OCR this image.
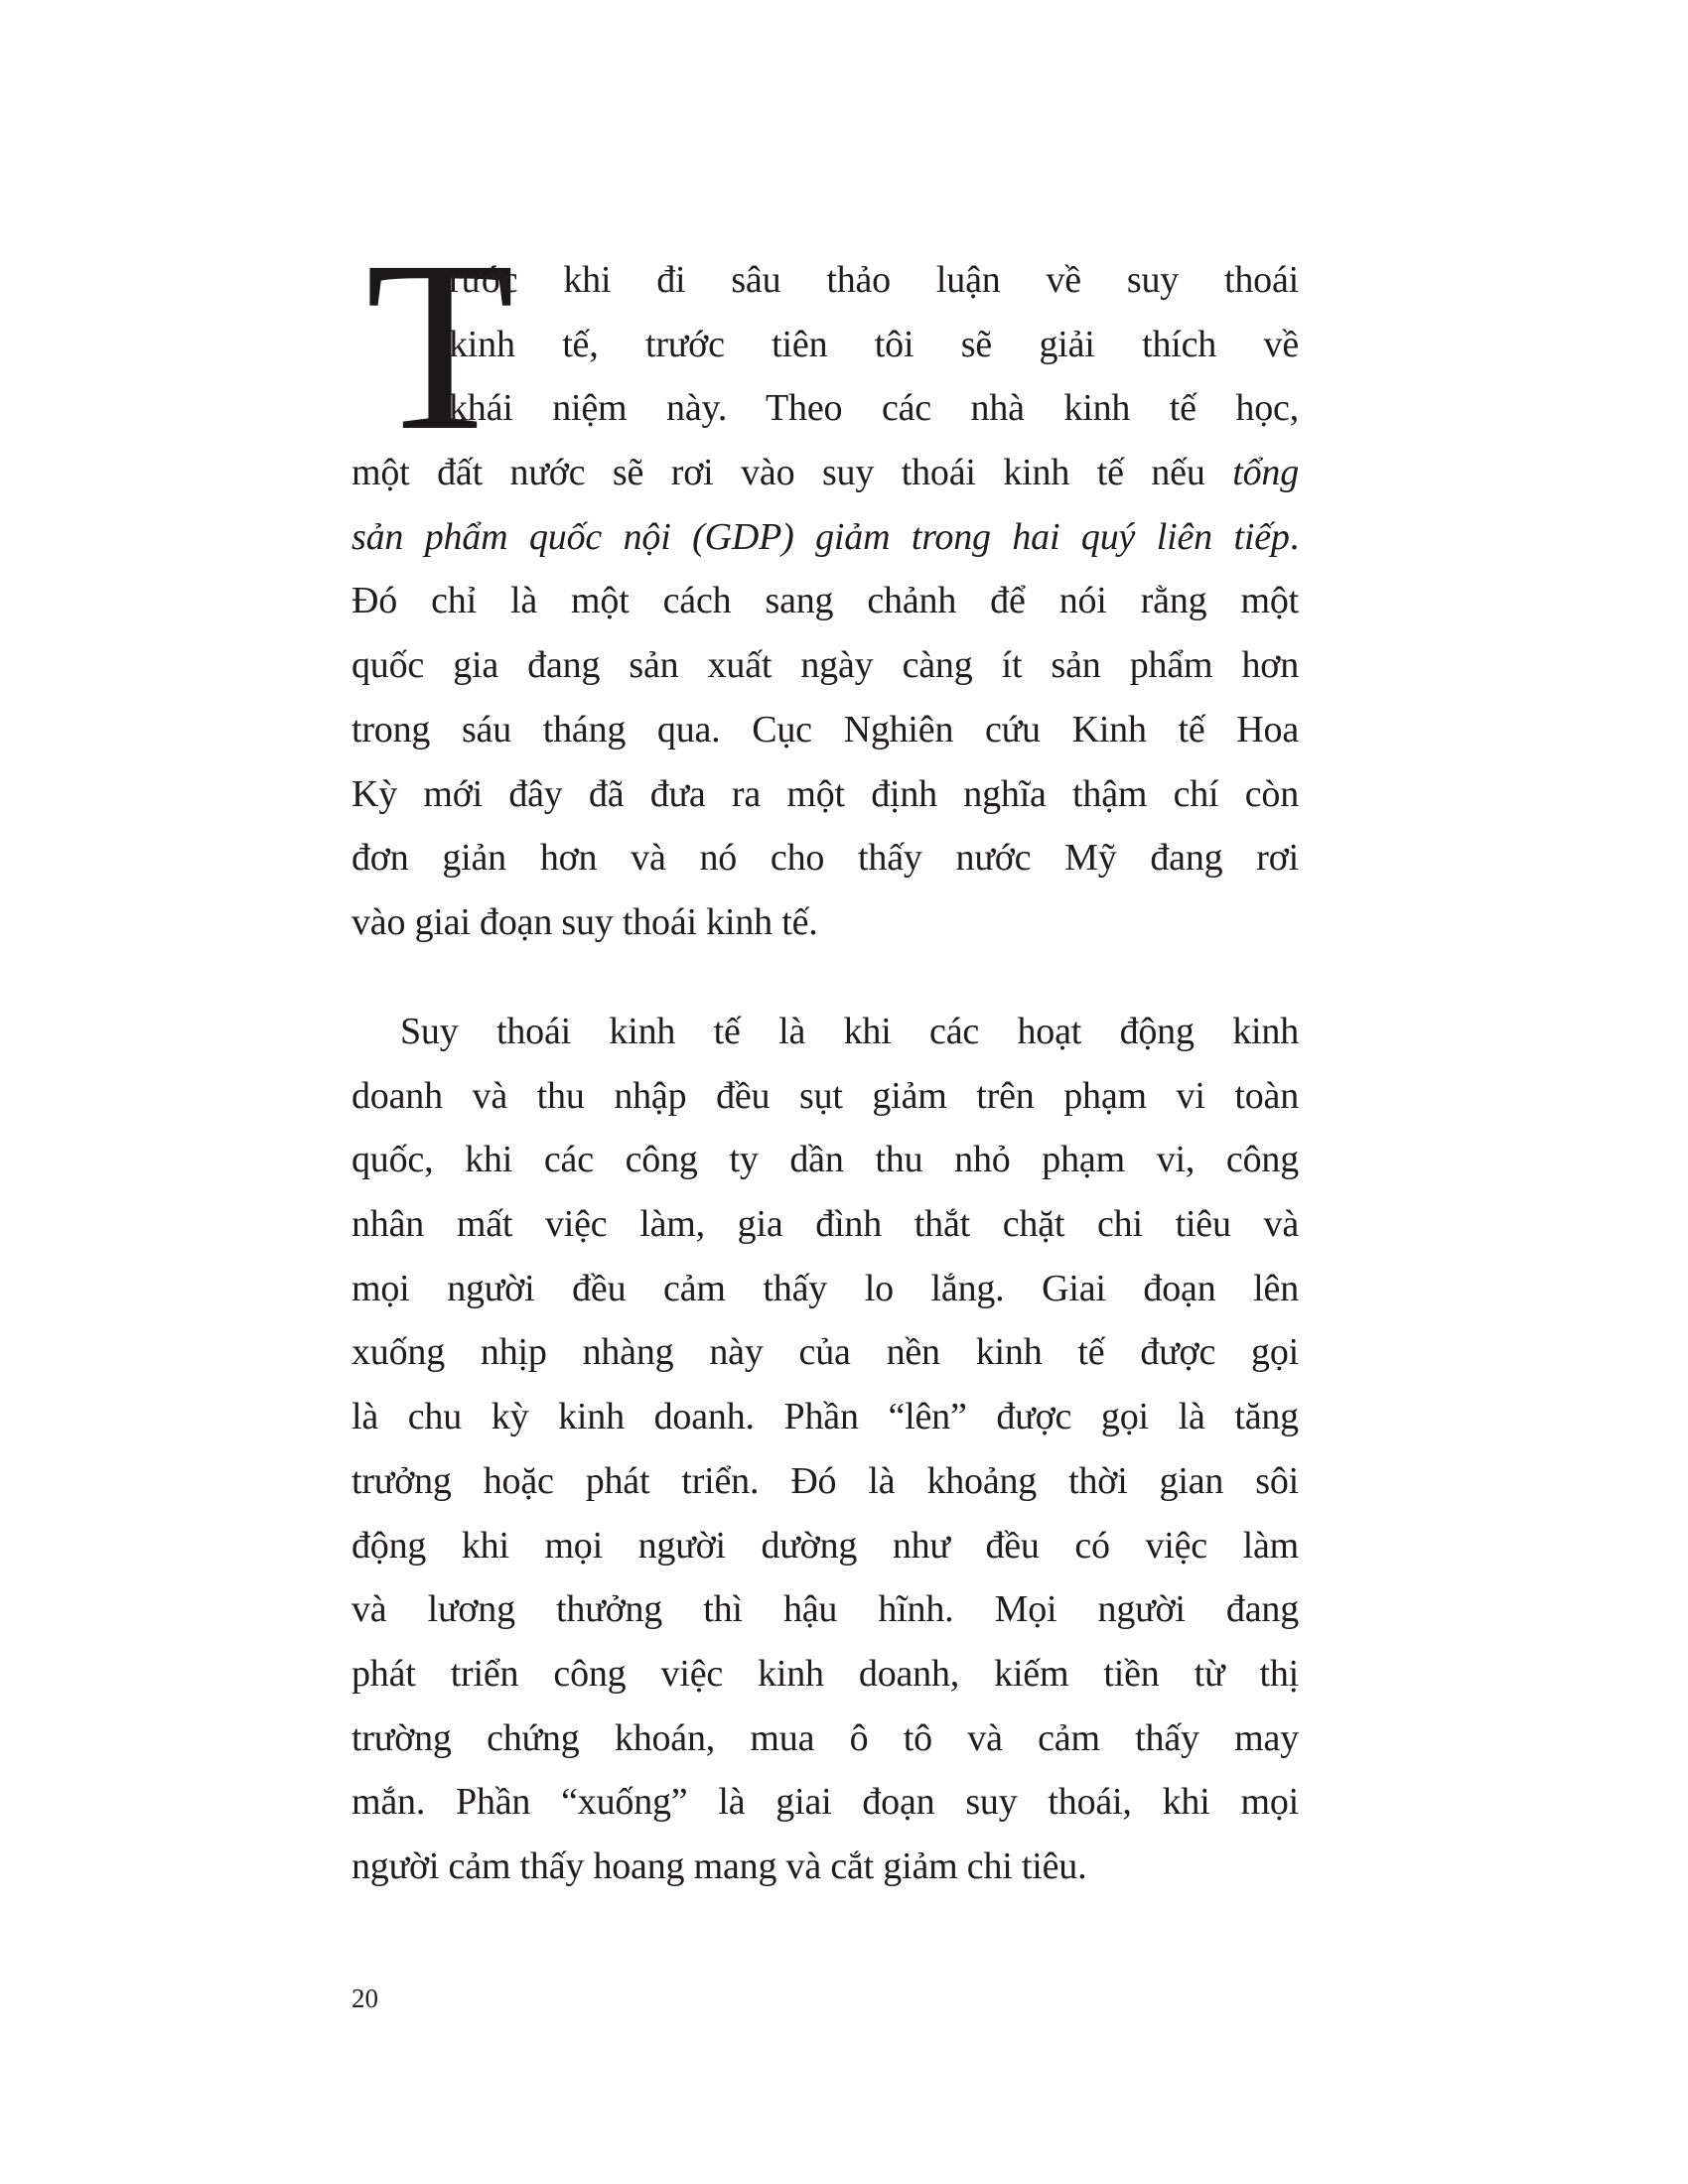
T
rước khi đi sâu thảo luận về suy thoái
kinh tế, trước tiên tôi sẽ giải thích về
khái niệm này. Theo các nhà kinh tế học,
một đất nước sẽ rơi vào suy thoái kinh tế nếu tổng
sản phẩm quốc nội (GDP) giảm trong hai quý liên tiếp.
Đó chỉ là một cách sang chảnh để nói rằng một
quốc gia đang sản xuất ngày càng ít sản phẩm hơn
trong sáu tháng qua. Cục Nghiên cứu Kinh tế Hoa
Kỳ mới đây đã đưa ra một định nghĩa thậm chí còn
đơn giản hơn và nó cho thấy nước Mỹ đang rơi
vào giai đoạn suy thoái kinh tế.
Suy thoái kinh tế là khi các hoạt động kinh
doanh và thu nhập đều sụt giảm trên phạm vi toàn
quốc, khi các công ty dần thu nhỏ phạm vi, công
nhân mất việc làm, gia đình thắt chặt chi tiêu và
mọi người đều cảm thấy lo lắng. Giai đoạn lên
xuống nhịp nhàng này của nền kinh tế được gọi
là chu kỳ kinh doanh. Phần “lên” được gọi là tăng
trưởng hoặc phát triển. Đó là khoảng thời gian sôi
động khi mọi người dường như đều có việc làm
và lương thưởng thì hậu hĩnh. Mọi người đang
phát triển công việc kinh doanh, kiếm tiền từ thị
trường chứng khoán, mua ô tô và cảm thấy may
mắn. Phần “xuống” là giai đoạn suy thoái, khi mọi
người cảm thấy hoang mang và cắt giảm chi tiêu.
20
